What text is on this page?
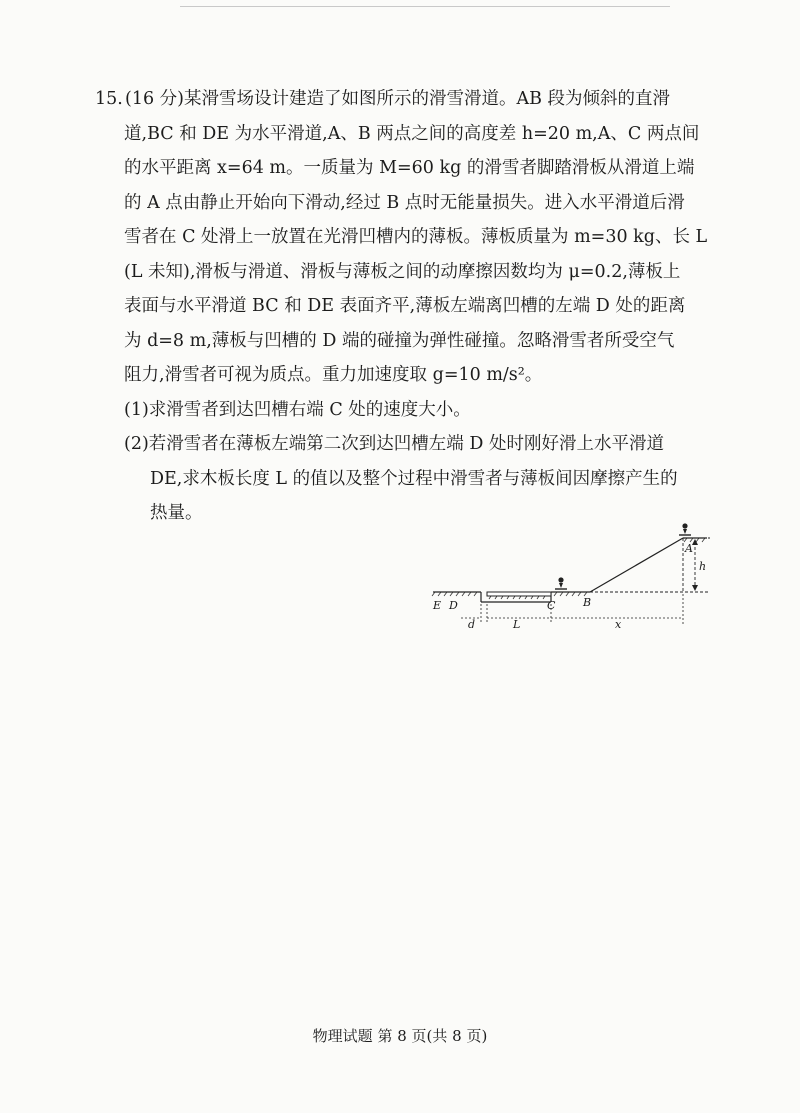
15. (16 分)某滑雪场设计建造了如图所示的滑雪滑道。AB 段为倾斜的直滑
道,BC 和 DE 为水平滑道,A、B 两点之间的高度差 h=20 m,A、C 两点间
的水平距离 x=64 m。一质量为 M=60 kg 的滑雪者脚踏滑板从滑道上端
的 A 点由静止开始向下滑动,经过 B 点时无能量损失。进入水平滑道后滑
雪者在 C 处滑上一放置在光滑凹槽内的薄板。薄板质量为 m=30 kg、长 L
(L 未知),滑板与滑道、滑板与薄板之间的动摩擦因数均为 μ=0.2,薄板上
表面与水平滑道 BC 和 DE 表面齐平,薄板左端离凹槽的左端 D 处的距离
为 d=8 m,薄板与凹槽的 D 端的碰撞为弹性碰撞。忽略滑雪者所受空气
阻力,滑雪者可视为质点。重力加速度取 g=10 m/s²。
(1)求滑雪者到达凹槽右端 C 处的速度大小。
(2)若滑雪者在薄板左端第二次到达凹槽左端 D 处时刚好滑上水平滑道
DE,求木板长度 L 的值以及整个过程中滑雪者与薄板间因摩擦产生的
热量。
E D	C	B
A
h
d	L	x
物理试题 第 8 页(共 8 页)
